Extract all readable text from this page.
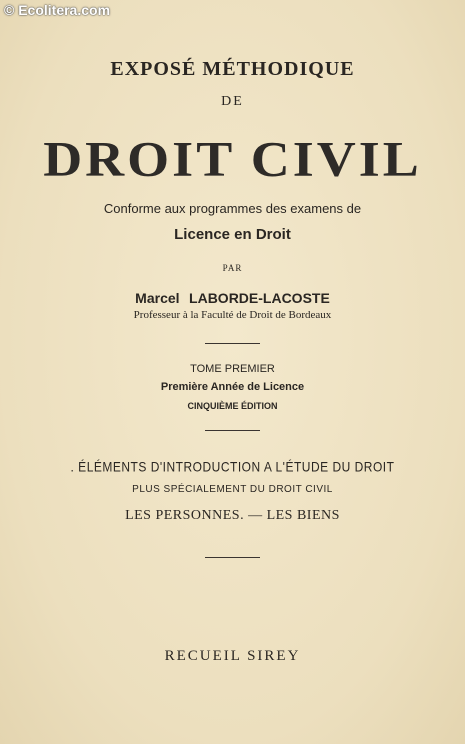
© Ecolitera.com
EXPOSÉ MÉTHODIQUE
DE
DROIT CIVIL
Conforme aux programmes des examens de
Licence en Droit
PAR
Marcel LABORDE-LACOSTE
Professeur à la Faculté de Droit de Bordeaux
TOME PREMIER
Première Année de Licence
CINQUIÈME ÉDITION
. ÉLÉMENTS D'INTRODUCTION A L'ÉTUDE DU DROIT
PLUS SPÉCIALEMENT DU DROIT CIVIL
LES PERSONNES. — LES BIENS
RECUEIL SIREY
